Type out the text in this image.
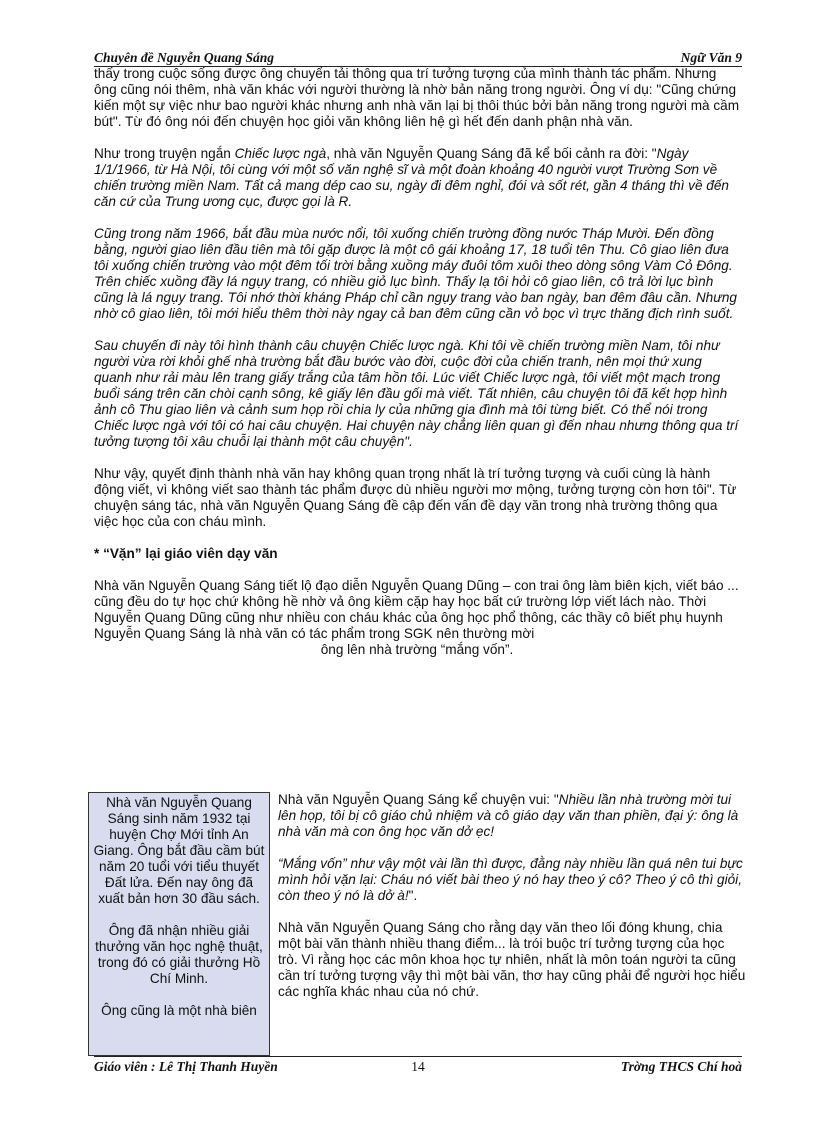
Chuyên đề Nguyễn Quang Sáng	Ngữ Văn 9

thấy trong cuộc sống được ông chuyển tải thông qua trí tưởng tượng của mình thành tác phẩm. Nhưng ông cũng nói thêm, nhà văn khác với người thường là nhờ bản năng trong người. Ông ví dụ: "Cũng chứng kiến một sự việc như bao người khác nhưng anh nhà văn lại bị thôi thúc bởi bản năng trong người mà cầm bút". Từ đó ông nói đến chuyện học giỏi văn không liên hệ gì hết đến danh phận nhà văn.

Như trong truyện ngắn Chiếc lược ngà, nhà văn Nguyễn Quang Sáng đã kể bối cảnh ra đời: "Ngày 1/1/1966, từ Hà Nội, tôi cùng với một số văn nghệ sĩ và một đoàn khoảng 40 người vượt Trường Sơn về chiến trường miền Nam. Tất cả mang dép cao su, ngày đi đêm nghỉ, đói và sốt rét, gần 4 tháng thì về đến căn cứ của Trung ương cục, được gọi là R.

Cũng trong năm 1966, bắt đầu mùa nước nổi, tôi xuống chiến trường đồng nước Tháp Mười. Đến đồng bằng, người giao liên đầu tiên mà tôi gặp được là một cô gái khoảng 17, 18 tuổi tên Thu. Cô giao liên đưa tôi xuống chiến trường vào một đêm tối trời bằng xuồng máy đuôi tôm xuôi theo dòng sông Vàm Cỏ Đông. Trên chiếc xuồng đầy lá ngụy trang, có nhiều giỏ lục bình. Thấy lạ tôi hỏi cô giao liên, cô trả lời lục bình cũng là lá ngụy trang. Tôi nhớ thời kháng Pháp chỉ cần ngụy trang vào ban ngày, ban đêm đâu cần. Nhưng nhờ cô giao liên, tôi mới hiểu thêm thời này ngay cả ban đêm cũng cần vỏ bọc vì trực thăng địch rình suốt.

Sau chuyến đi này tôi hình thành câu chuyện Chiếc lược ngà. Khi tôi về chiến trường miền Nam, tôi như người vừa rời khỏi ghế nhà trường bắt đầu bước vào đời, cuộc đời của chiến tranh, nên mọi thứ xung quanh như rải màu lên trang giấy trắng của tâm hồn tôi. Lúc viết Chiếc lược ngà, tôi viết một mạch trong buổi sáng trên căn chòi cạnh sông, kê giấy lên đầu gối mà viết. Tất nhiên, câu chuyện tôi đã kết hợp hình ảnh cô Thu giao liên và cảnh sum họp rồi chia ly của những gia đình mà tôi từng biết. Có thể nói trong Chiếc lược ngà với tôi có hai câu chuyện. Hai chuyện này chẳng liên quan gì đến nhau nhưng thông qua trí tưởng tượng tôi xâu chuỗi lại thành một câu chuyện".

Như vậy, quyết định thành nhà văn hay không quan trọng nhất là trí tưởng tượng và cuối cùng là hành động viết, vì không viết sao thành tác phẩm được dù nhiều người mơ mộng, tưởng tượng còn hơn tôi". Từ chuyện sáng tác, nhà văn Nguyễn Quang Sáng đề cập đến vấn đề dạy văn trong nhà trường thông qua việc học của con cháu mình.

* “Vặn” lại giáo viên dạy văn

Nhà văn Nguyễn Quang Sáng tiết lộ đạo diễn Nguyễn Quang Dũng – con trai ông làm biên kịch, viết báo ... cũng đều do tự học chứ không hề nhờ vả ông kiềm cặp hay học bất cứ trường lớp viết lách nào. Thời Nguyễn Quang Dũng cũng như nhiều con cháu khác của ông học phổ thông, các thầy cô biết phụ huynh Nguyễn Quang Sáng là nhà văn có tác phẩm trong SGK nên thường mời

ông lên nhà trường “mắng vốn”.

Nhà văn Nguyễn Quang Sáng sinh năm 1932 tại huyện Chợ Mới tỉnh An Giang. Ông bắt đầu cầm bút năm 20 tuổi với tiểu thuyết Đất lửa. Đến nay ông đã xuất bản hơn 30 đầu sách.

Ông đã nhận nhiều giải thưởng văn học nghệ thuật, trong đó có giải thưởng Hồ Chí Minh.

Ông cũng là một nhà biên

Nhà văn Nguyễn Quang Sáng kể chuyện vui: "Nhiều lần nhà trường mời tui lên họp, tôi bị cô giáo chủ nhiệm và cô giáo dạy văn than phiền, đại ý: ông là nhà văn mà con ông học văn dở ẹc!

“Mắng vốn” như vậy một vài lần thì được, đằng này nhiều lần quá nên tui bực mình hỏi vặn lại: Cháu nó viết bài theo ý nó hay theo ý cô? Theo ý cô thì giỏi, còn theo ý nó là dở à!".

Nhà văn Nguyễn Quang Sáng cho rằng dạy văn theo lối đóng khung, chia một bài văn thành nhiều thang điểm... là trói buộc trí tưởng tượng của học trò. Vì rằng học các môn khoa học tự nhiên, nhất là môn toán người ta cũng cần trí tưởng tượng vậy thì một bài văn, thơ hay cũng phải để người học hiểu các nghĩa khác nhau của nó chứ.

Giáo viên : Lê Thị Thanh Huyền	14	Trờng THCS Chí hoà
